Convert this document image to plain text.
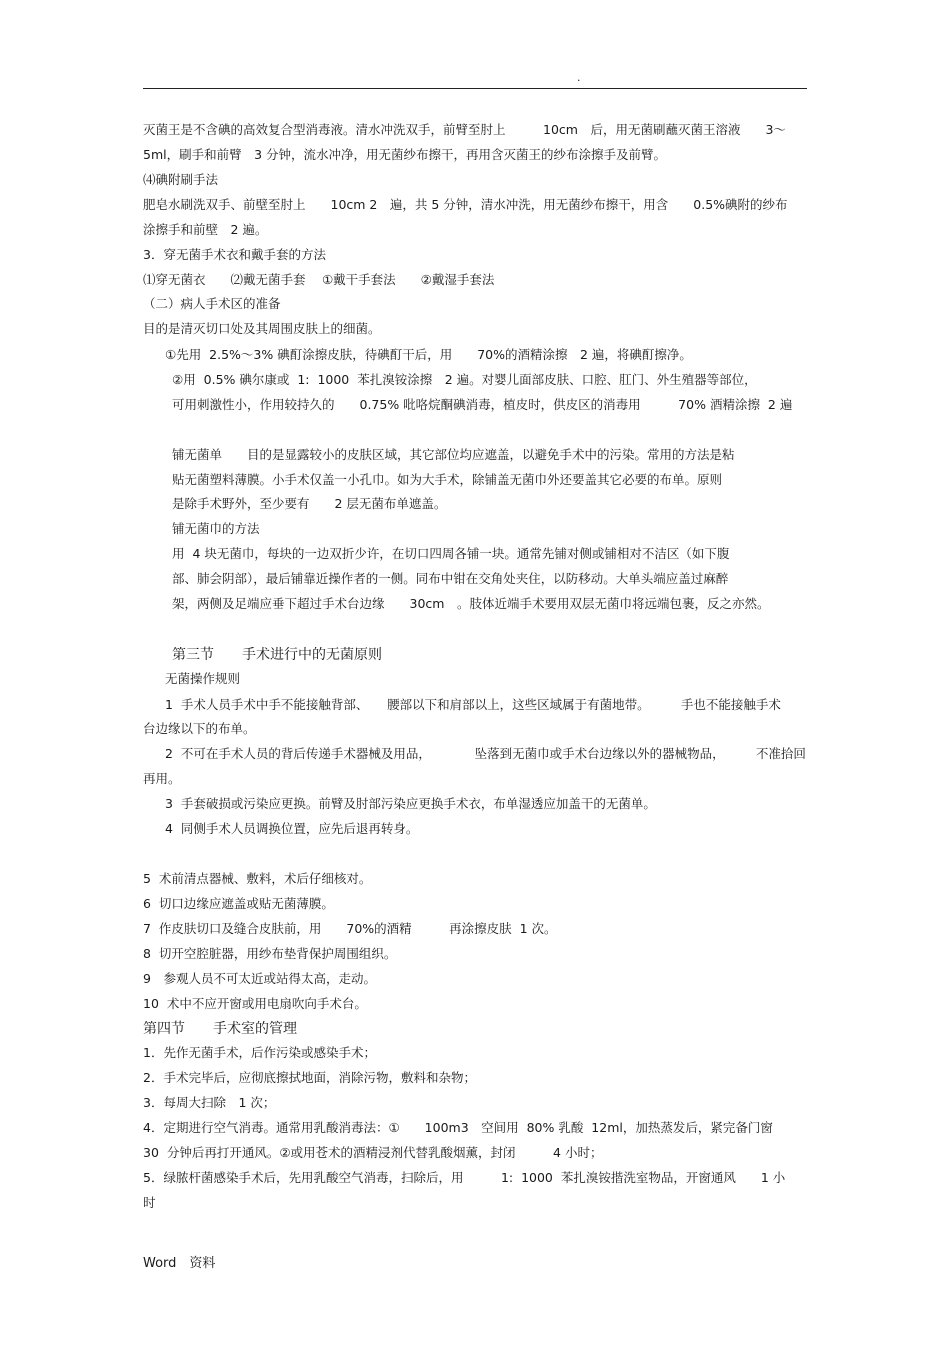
.
灭菌王是不含碘的高效复合型消毒液。清水冲洗双手，前臂至肘上　　　10cm　后，用无菌刷蘸灭菌王溶液　　3～
5ml，刷手和前臂　3 分钟，流水冲净，用无菌纱布擦干，再用含灭菌王的纱布涂擦手及前臂。
⑷碘附刷手法
肥皂水刷洗双手、前壁至肘上　　10cm 2　遍，共 5 分钟，清水冲洗，用无菌纱布擦干，用含　　0.5%碘附的纱布
涂擦手和前壁　2 遍。
3．穿无菌手术衣和戴手套的方法
⑴穿无菌衣　　⑵戴无菌手套　 ①戴干手套法　　②戴湿手套法
（二）病人手术区的准备
目的是清灭切口处及其周围皮肤上的细菌。
①先用  2.5%～3% 碘酊涂擦皮肤，待碘酊干后，用　　70%的酒精涂擦　2 遍，将碘酊擦净。
②用  0.5% 碘尔康或  1:  1000  苯扎溴铵涂擦　2 遍。对婴儿面部皮肤、口腔、肛门、外生殖器等部位，
可用刺激性小，作用较持久的　　0.75% 吡咯烷酮碘消毒，植皮时，供皮区的消毒用　　　70% 酒精涂擦  2 遍
铺无菌单　　目的是显露较小的皮肤区域，其它部位均应遮盖，以避免手术中的污染。常用的方法是粘
贴无菌塑料薄膜。小手术仅盖一小孔巾。如为大手术，除铺盖无菌巾外还要盖其它必要的布单。原则
是除手术野外，至少要有　　2 层无菌布单遮盖。
铺无菌巾的方法
用  4 块无菌巾，每块的一边双折少许，在切口四周各铺一块。通常先铺对侧或铺相对不洁区（如下腹
部、肺会阴部），最后铺靠近操作者的一侧。同布中钳在交角处夹住，以防移动。大单头端应盖过麻醉
架，两侧及足端应垂下超过手术台边缘　　30cm　。肢体近端手术要用双层无菌巾将远端包裹，反之亦然。
第三节　　手术进行中的无菌原则
无菌操作规则
1  手术人员手术中手不能接触背部、　　腰部以下和肩部以上，这些区域属于有菌地带。　　　手也不能接触手术
台边缘以下的布单。
2  不可在手术人员的背后传递手术器械及用品，　　　　坠落到无菌巾或手术台边缘以外的器械物品，　　　不准拾回
再用。
3  手套破损或污染应更换。前臂及肘部污染应更换手术衣，布单湿透应加盖干的无菌单。
4  同侧手术人员调换位置，应先后退再转身。
5  术前清点器械、敷料，术后仔细核对。
6  切口边缘应遮盖或贴无菌薄膜。
7  作皮肤切口及缝合皮肤前，用　　70%的酒精　　　再涂擦皮肤  1 次。
8  切开空腔脏器，用纱布垫背保护周围组织。
9　参观人员不可太近或站得太高，走动。
10  术中不应开窗或用电扇吹向手术台。
第四节　　手术室的管理
1．先作无菌手术，后作污染或感染手术；
2．手术完毕后，应彻底擦拭地面，消除污物，敷料和杂物；
3．每周大扫除　1 次；
4．定期进行空气消毒。通常用乳酸消毒法：①　　100m3　空间用  80% 乳酸  12ml，加热蒸发后，紧完备门窗
30  分钟后再打开通风。②或用苍术的酒精浸剂代替乳酸烟薰，封闭　　　4 小时；
5．绿脓杆菌感染手术后，先用乳酸空气消毒，扫除后，用　　　1:  1000  苯扎溴铵揩洗室物品，开窗通风　　1 小
时
Word　资料
